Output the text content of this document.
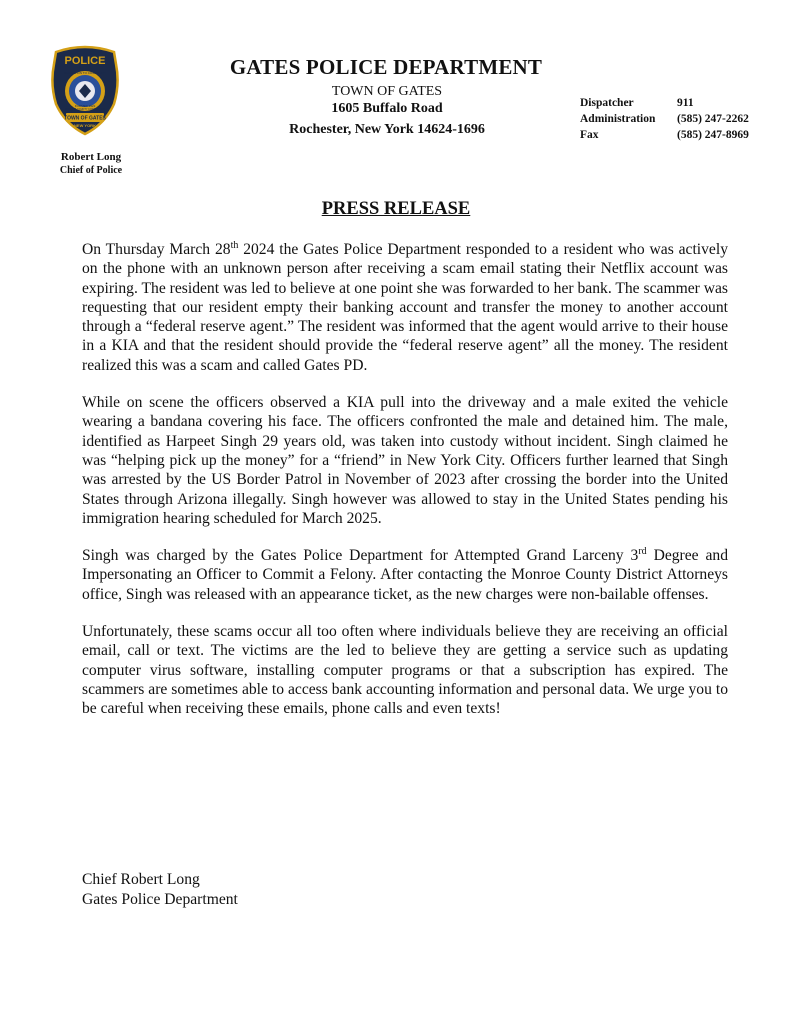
POLICE
DEDICATION TO COMMUNITY
FORMED 1922
MONROE COUNTY CONNECTION
TOWN OF GATES
NEW YORK
GATES POLICE DEPARTMENT
TOWN OF GATES
1605 Buffalo Road
Rochester, New York 14624-1696
Dispatcher	911
Administration	(585) 247-2262
Fax	(585) 247-8969
Robert Long
Chief of Police
PRESS RELEASE

On Thursday March 28th 2024 the Gates Police Department responded to a resident who was actively on the phone with an unknown person after receiving a scam email stating their Netflix account was expiring. The resident was led to believe at one point she was forwarded to her bank. The scammer was requesting that our resident empty their banking account and transfer the money to another account through a “federal reserve agent.” The resident was informed that the agent would arrive to their house in a KIA and that the resident should provide the “federal reserve agent” all the money. The resident realized this was a scam and called Gates PD.

While on scene the officers observed a KIA pull into the driveway and a male exited the vehicle wearing a bandana covering his face. The officers confronted the male and detained him. The male, identified as Harpeet Singh 29 years old, was taken into custody without incident. Singh claimed he was “helping pick up the money” for a “friend” in New York City. Officers further learned that Singh was arrested by the US Border Patrol in November of 2023 after crossing the border into the United States through Arizona illegally. Singh however was allowed to stay in the United States pending his immigration hearing scheduled for March 2025.

Singh was charged by the Gates Police Department for Attempted Grand Larceny 3rd Degree and Impersonating an Officer to Commit a Felony. After contacting the Monroe County District Attorneys office, Singh was released with an appearance ticket, as the new charges were non-bailable offenses.

Unfortunately, these scams occur all too often where individuals believe they are receiving an official email, call or text. The victims are the led to believe they are getting a service such as updating computer virus software, installing computer programs or that a subscription has expired. The scammers are sometimes able to access bank accounting information and personal data. We urge you to be careful when receiving these emails, phone calls and even texts!

Chief Robert Long
Gates Police Department
